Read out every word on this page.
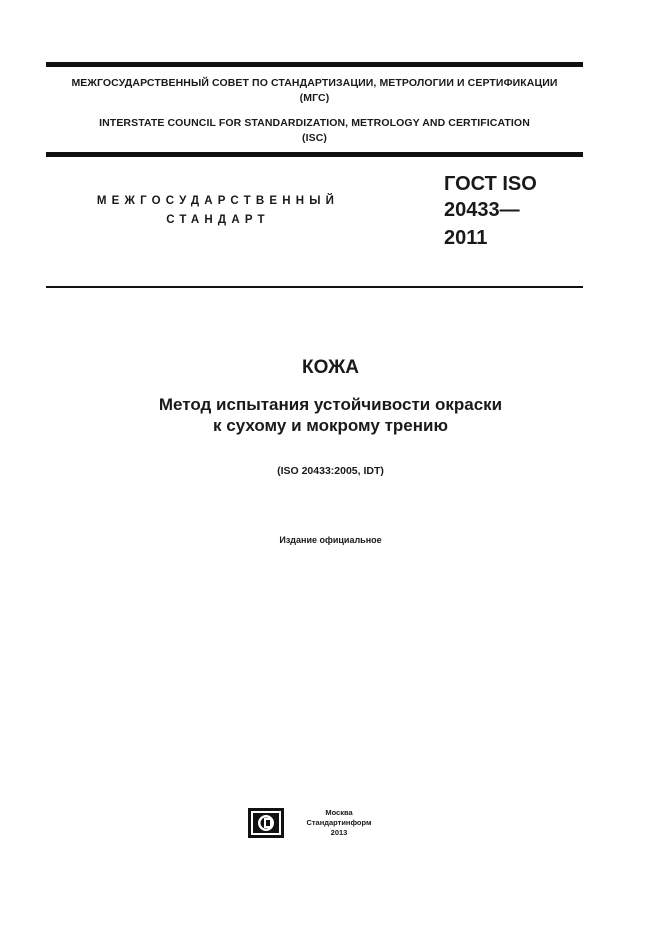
МЕЖГОСУДАРСТВЕННЫЙ СОВЕТ ПО СТАНДАРТИЗАЦИИ, МЕТРОЛОГИИ И СЕРТИФИКАЦИИ
(МГС)
INTERSTATE COUNCIL FOR STANDARDIZATION, METROLOGY AND CERTIFICATION
(ISC)
МЕЖГОСУДАРСТВЕННЫЙ
СТАНДАРТ
ГОСТ ISO
20433—
2011
КОЖА
Метод испытания устойчивости окраски
к сухому и мокрому трению
(ISO 20433:2005, IDT)
Издание официальное
Москва
Стандартинформ
2013
